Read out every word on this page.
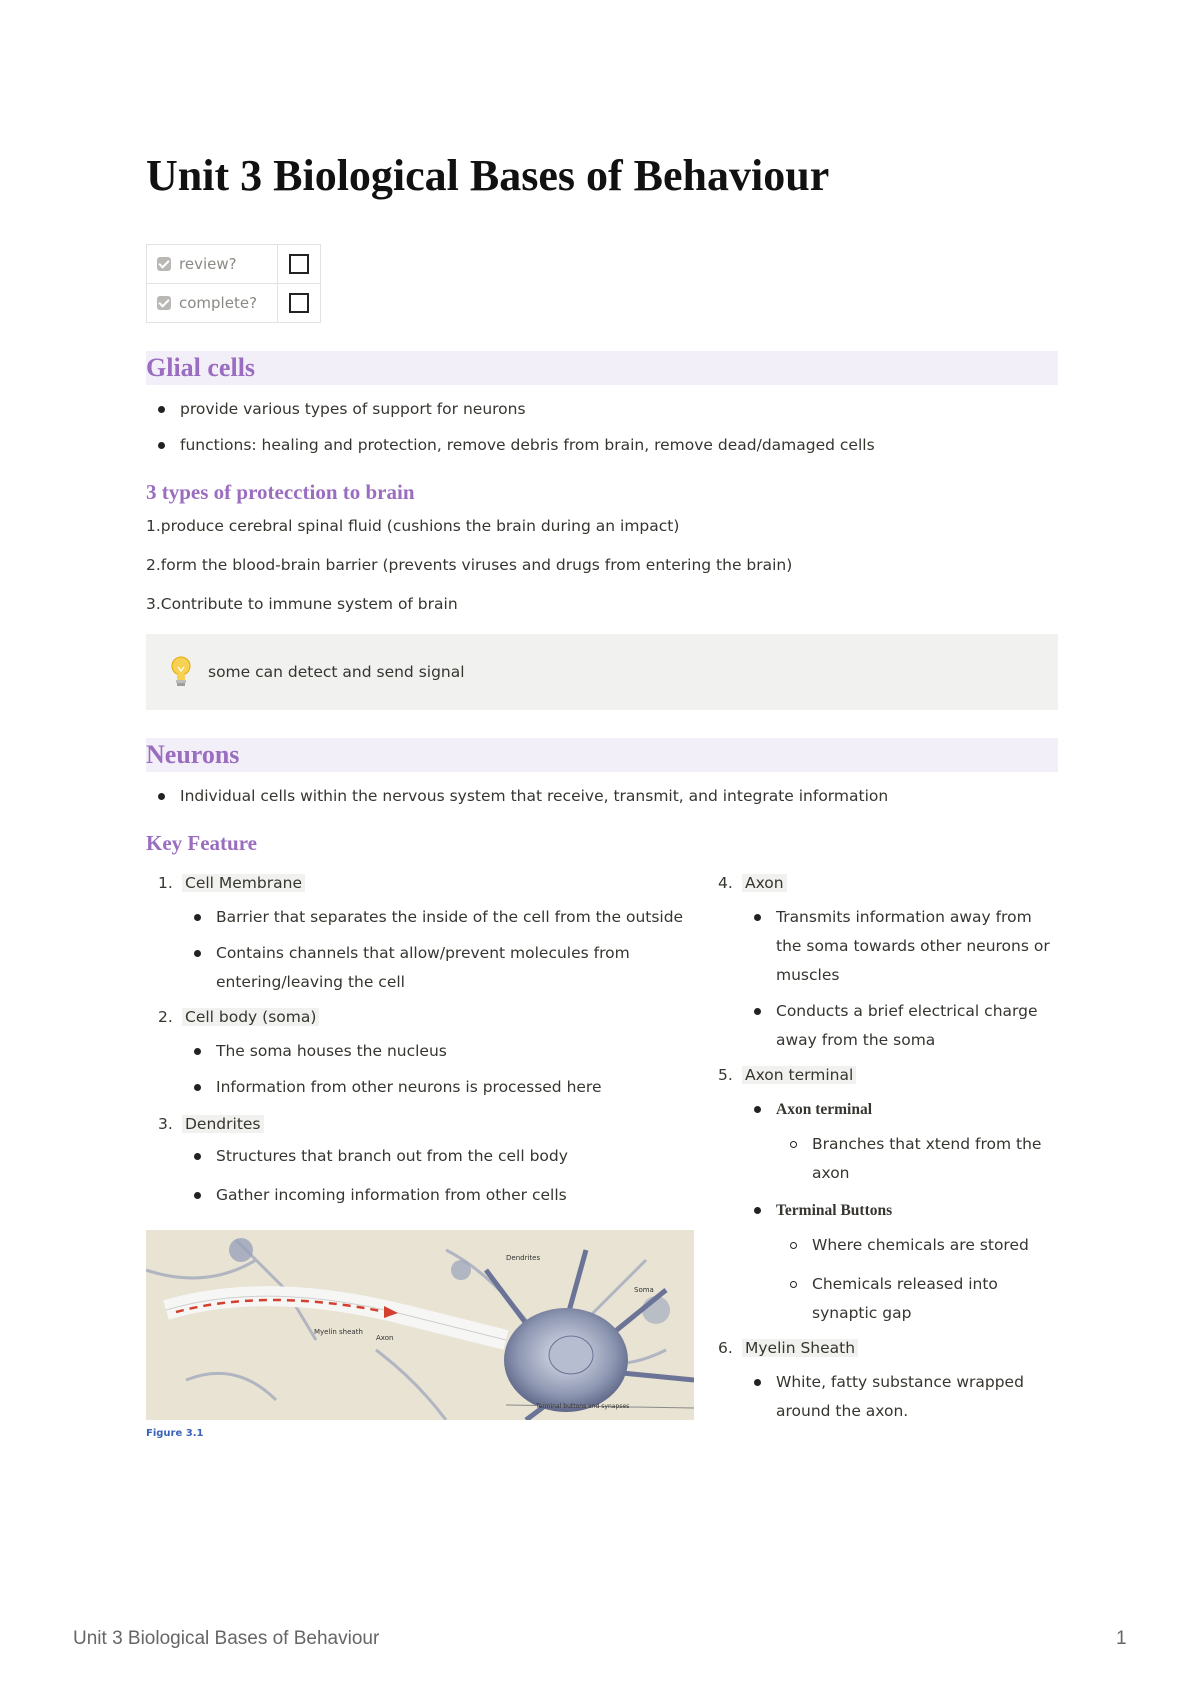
Unit 3 Biological Bases of Behaviour
review?	
complete?	
Glial cells
provide various types of support for neurons
functions: healing and protection, remove debris from brain, remove dead/damaged cells
3 types of protecction to brain

1.produce cerebral spinal fluid (cushions the brain during an impact)

2.form the blood-brain barrier (prevents viruses and drugs from entering the brain)

3.Contribute to immune system of brain

some can detect and send signal
Neurons
Individual cells within the nervous system that receive, transmit, and integrate information
Key Feature
1. Cell Membrane
Barrier that separates the inside of the cell from the outside
Contains channels that allow/prevent molecules from entering/leaving the cell
2. Cell body (soma)
The soma houses the nucleus
Information from other neurons is processed here
3. Dendrites
Structures that branch out from the cell body
Gather incoming information from other cells
Dendrites
Soma
Myelin sheath
Axon
Terminal buttons and synapses
Figure 3.1
4. Axon
Transmits information away from the soma towards other neurons or muscles
Conducts a brief electrical charge away from the soma
5. Axon terminal
Axon terminal
Branches that xtend from the axon
Terminal Buttons
Where chemicals are stored
Chemicals released into synaptic gap
6. Myelin Sheath
White, fatty substance wrapped around the axon.
Unit 3 Biological Bases of Behaviour	1
